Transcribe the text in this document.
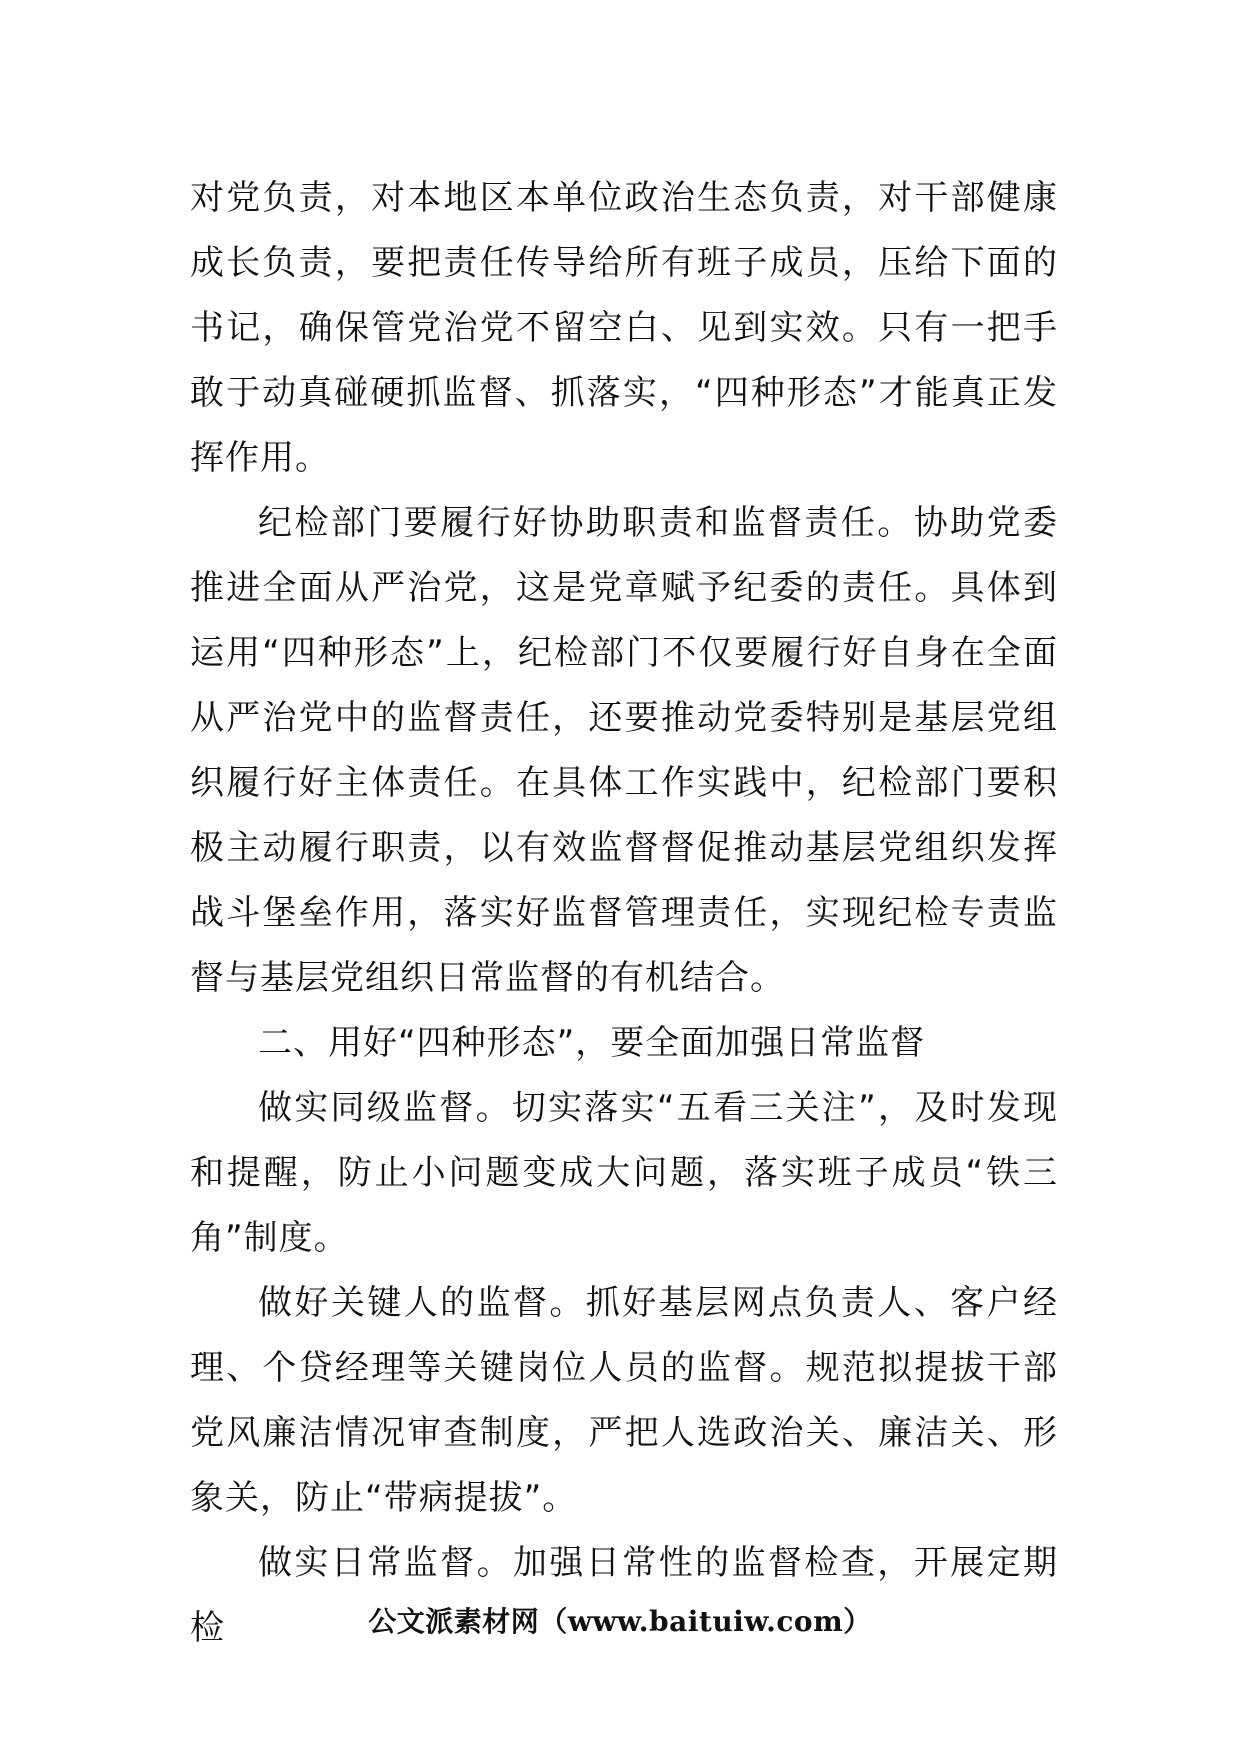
对党负责，对本地区本单位政治生态负责，对干部健康成长负责，要把责任传导给所有班子成员，压给下面的书记，确保管党治党不留空白、见到实效。只有一把手敢于动真碰硬抓监督、抓落实，“四种形态”才能真正发挥作用。

纪检部门要履行好协助职责和监督责任。协助党委推进全面从严治党，这是党章赋予纪委的责任。具体到运用“四种形态”上，纪检部门不仅要履行好自身在全面从严治党中的监督责任，还要推动党委特别是基层党组织履行好主体责任。在具体工作实践中，纪检部门要积极主动履行职责，以有效监督督促推动基层党组织发挥战斗堡垒作用，落实好监督管理责任，实现纪检专责监督与基层党组织日常监督的有机结合。

二、用好“四种形态”，要全面加强日常监督

做实同级监督。切实落实“五看三关注”，及时发现和提醒，防止小问题变成大问题，落实班子成员“铁三角”制度。

做好关键人的监督。抓好基层网点负责人、客户经理、个贷经理等关键岗位人员的监督。规范拟提拔干部党风廉洁情况审查制度，严把人选政治关、廉洁关、形象关，防止“带病提拔”。

做实日常监督。加强日常性的监督检查，开展定期检	公文派素材网（www.baituiw.com）
